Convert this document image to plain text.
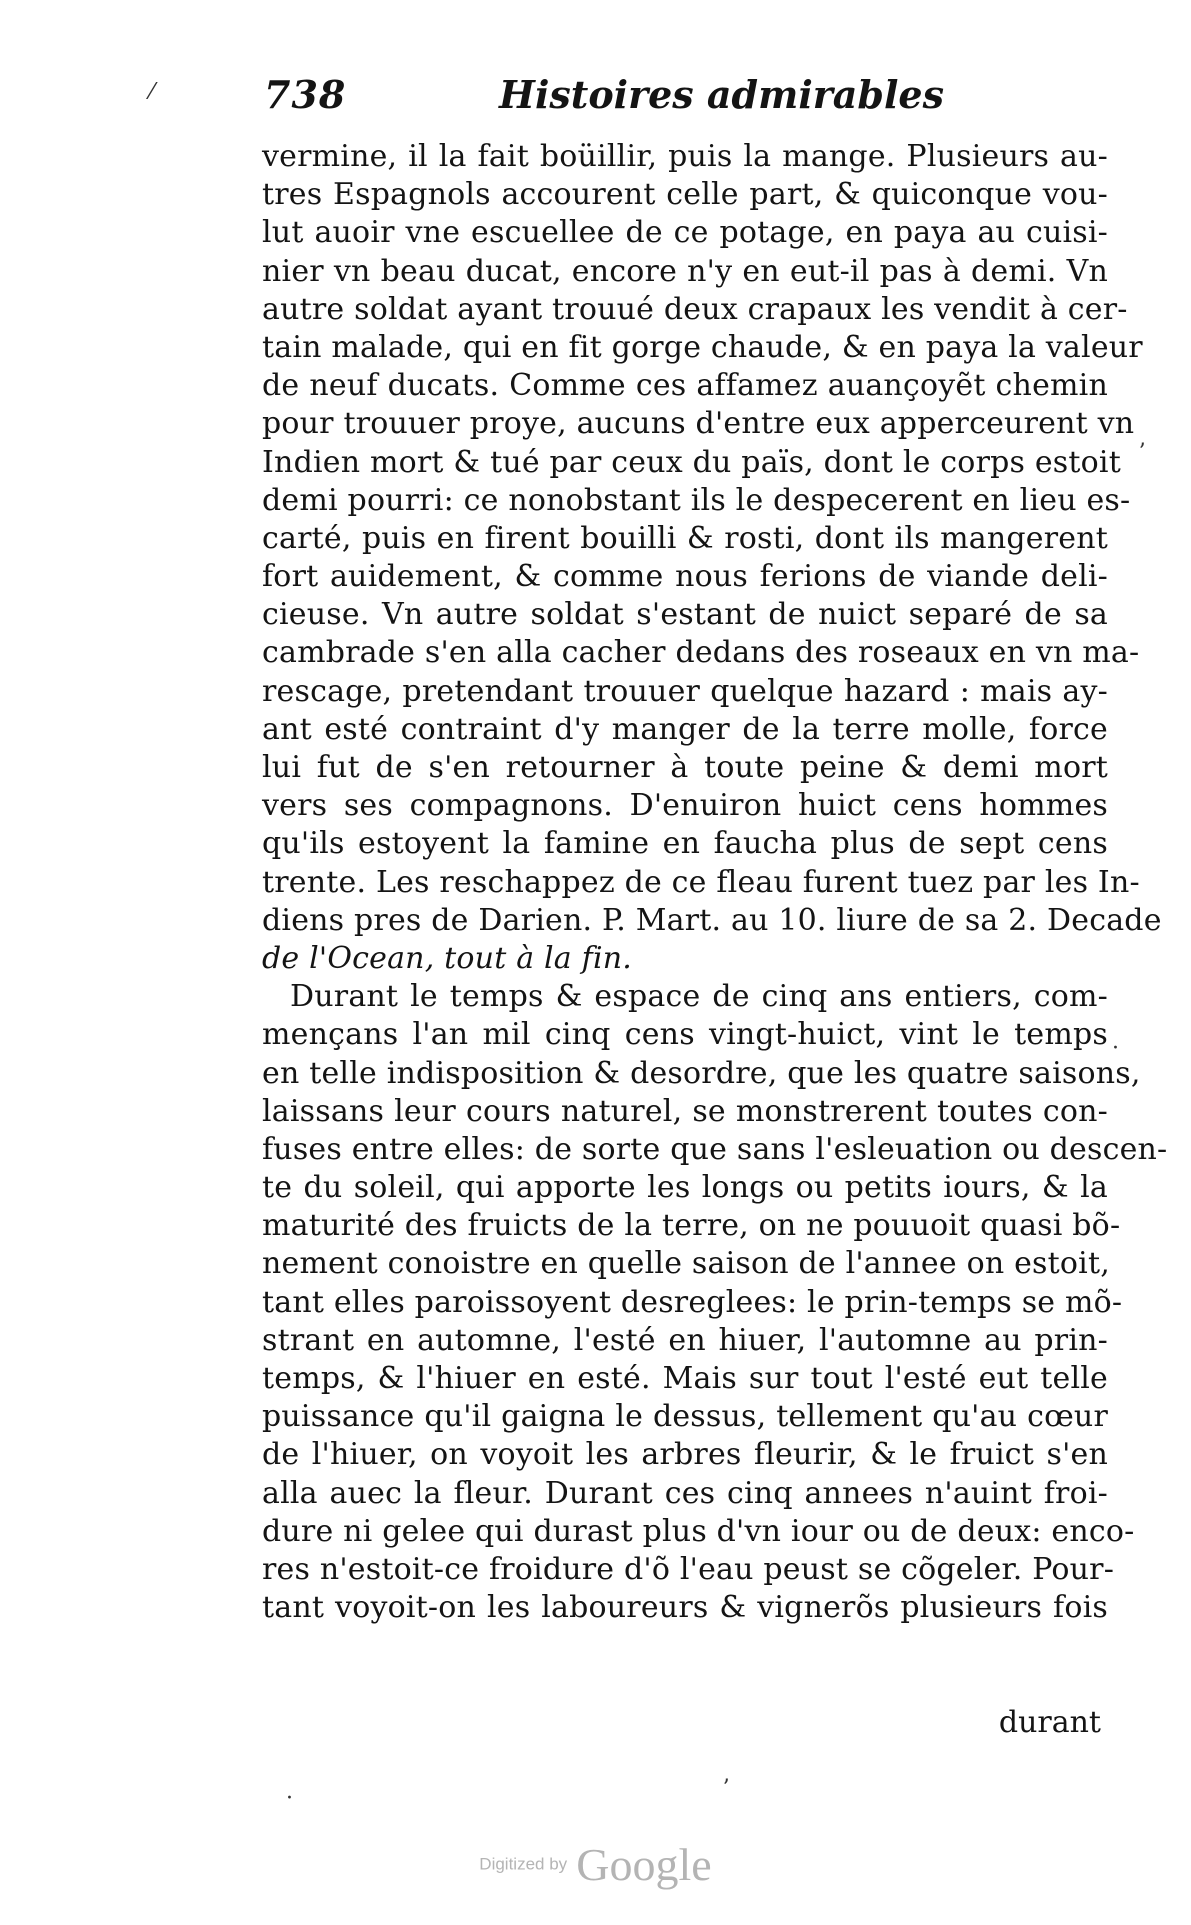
738	Histoires admirables
⁄
ʼ
·
·	ʼ
vermine, il la fait boüillir, puis la mange. Plusieurs au-
tres Espagnols accourent celle part, & quiconque vou-
lut auoir vne escuellee de ce potage, en paya au cuisi-
nier vn beau ducat, encore n'y en eut-il pas à demi. Vn
autre soldat ayant trouué deux crapaux les vendit à cer-
tain malade, qui en fit gorge chaude, & en paya la valeur
de neuf ducats. Comme ces affamez auançoyẽt chemin
pour trouuer proye, aucuns d'entre eux apperceurent vn
Indien mort & tué par ceux du païs, dont le corps estoit
demi pourri: ce nonobstant ils le despecerent en lieu es-
carté, puis en firent bouilli & rosti, dont ils mangerent
fort auidement, & comme nous ferions de viande deli-
cieuse. Vn autre soldat s'estant de nuict separé de sa
cambrade s'en alla cacher dedans des roseaux en vn ma-
rescage, pretendant trouuer quelque hazard : mais ay-
ant esté contraint d'y manger de la terre molle, force
lui fut de s'en retourner à toute peine & demi mort
vers ses compagnons. D'enuiron huict cens hommes
qu'ils estoyent la famine en faucha plus de sept cens
trente. Les reschappez de ce fleau furent tuez par les In-
diens pres de Darien. P. Mart. au 10. liure de sa 2. Decade
de l'Ocean, tout à la fin.
Durant le temps & espace de cinq ans entiers, com-
mençans l'an mil cinq cens vingt-huict, vint le temps
en telle indisposition & desordre, que les quatre saisons,
laissans leur cours naturel, se monstrerent toutes con-
fuses entre elles: de sorte que sans l'esleuation ou descen-
te du soleil, qui apporte les longs ou petits iours, & la
maturité des fruicts de la terre, on ne pouuoit quasi bõ-
nement conoistre en quelle saison de l'annee on estoit,
tant elles paroissoyent desreglees: le prin-temps se mõ-
strant en automne, l'esté en hiuer, l'automne au prin-
temps, & l'hiuer en esté. Mais sur tout l'esté eut telle
puissance qu'il gaigna le dessus, tellement qu'au cœur
de l'hiuer, on voyoit les arbres fleurir, & le fruict s'en
alla auec la fleur. Durant ces cinq annees n'auint froi-
dure ni gelee qui durast plus d'vn iour ou de deux: enco-
res n'estoit-ce froidure d'õ l'eau peust se cõgeler. Pour-
tant voyoit-on les laboureurs & vignerõs plusieurs fois
durant
Digitized by Google
